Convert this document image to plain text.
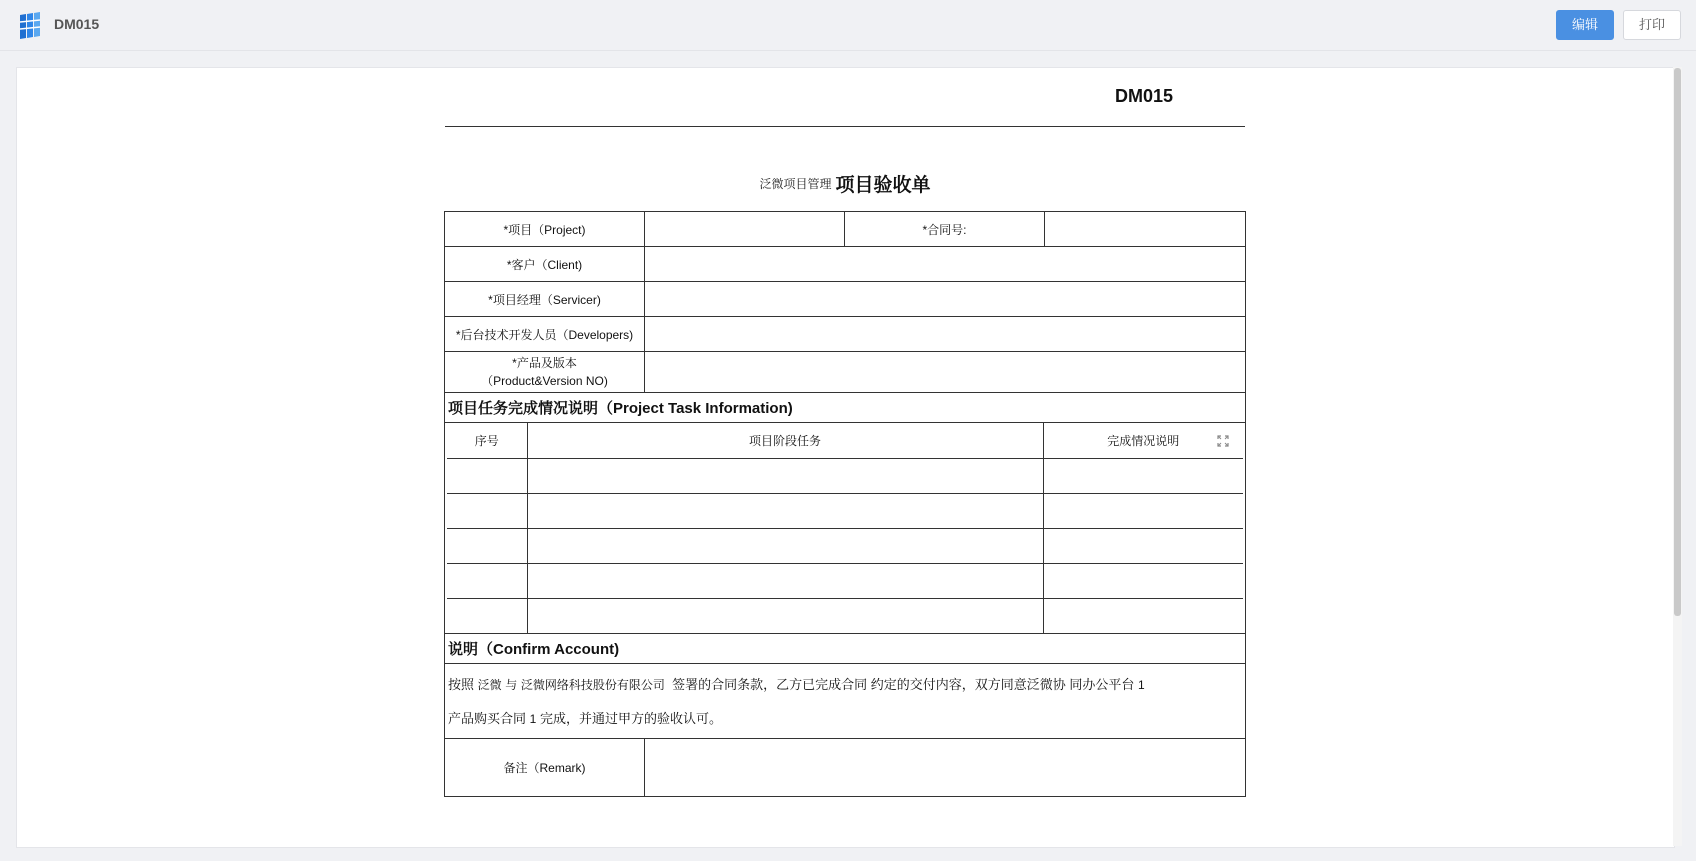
DM015	编辑	打印
DM015
泛微项目管理 项目验收单
*项目（Project)		*合同号:	
*客户（Client)	
*项目经理（Servicer)	
*后台技术开发人员（Developers)	
*产品及版本
（Product&Version NO)	
项目任务完成情况说明（Project Task Information)

序号	项目阶段任务	完成情况说明

说明（Confirm Account)

按照 泛微 与 泛微网络科技股份有限公司 签署的合同条款，乙方已完成合同 约定的交付内容，双方同意泛微协 同办公平台 1
产品购买合同 1 完成，并通过甲方的验收认可。

备注（Remark)	
